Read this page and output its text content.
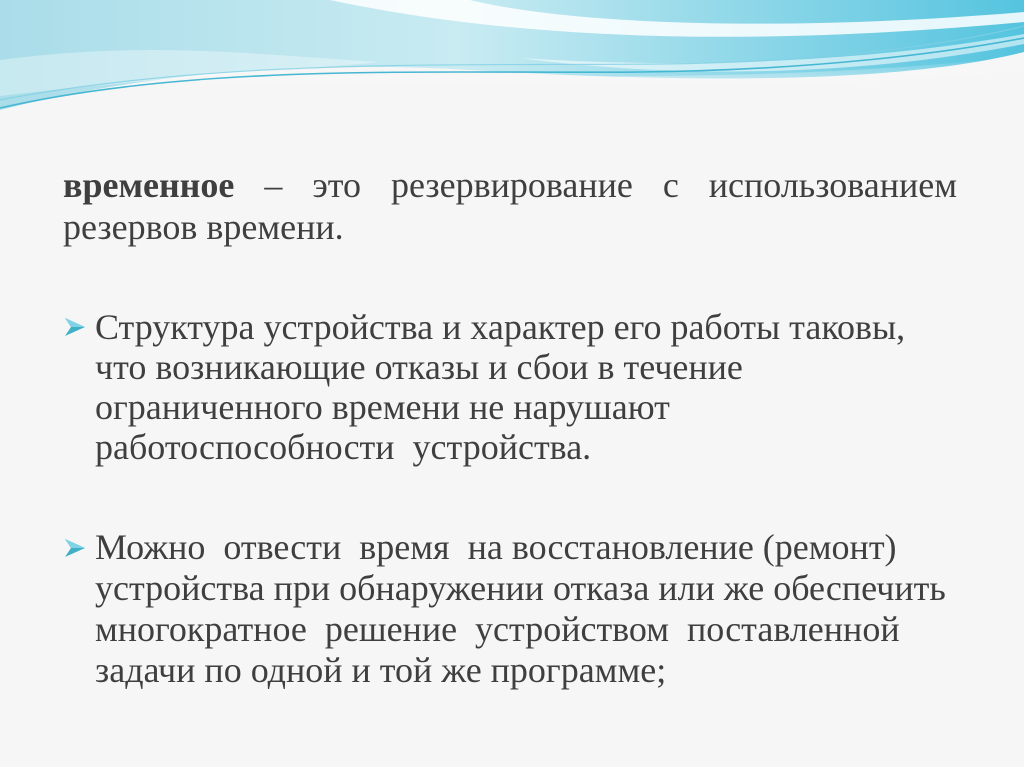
временное – это резервирование с использованием
резервов времени.
Структура устройства и характер его работы таковы,
что возникающие отказы и сбои в течение
ограниченного времени не нарушают
работоспособности  устройства.
Можно  отвести  время  на восстановление (ремонт)
устройства при обнаружении отказа или же обеспечить
многократное  решение  устройством  поставленной
задачи по одной и той же программе;
